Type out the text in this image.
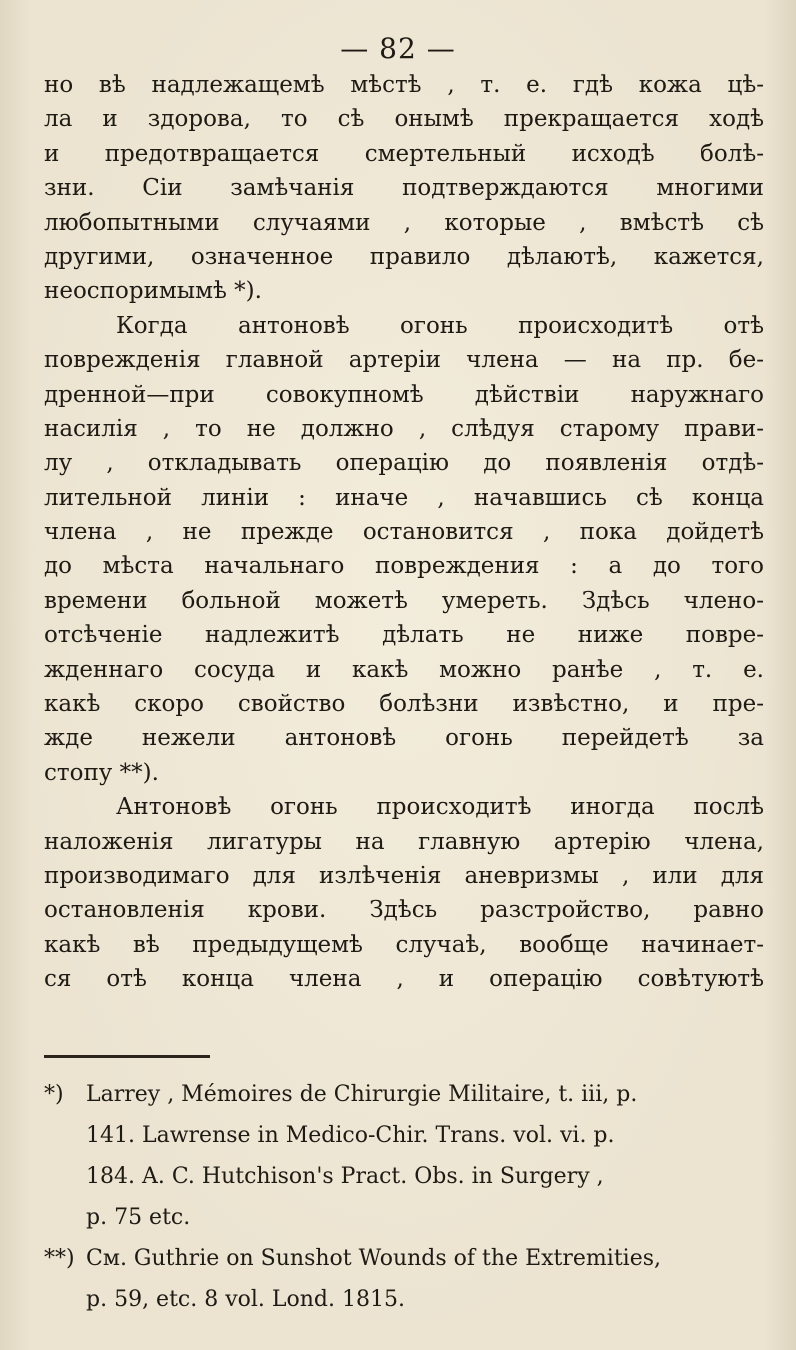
— 82 —
но вѣ надлежащемѣ мѣстѣ , т. е. гдѣ кожа цѣ-
ла и здорова, то сѣ онымѣ прекращается ходѣ
и предотвращается смертельный исходѣ болѣ-
зни. Сіи замѣчанія подтверждаются многими
любопытными случаями , которые , вмѣстѣ сѣ
другими, означенное правило дѣлаютѣ, кажется,
неоспоримымѣ *).
Когда антоновѣ огонь происходитѣ отѣ
поврежденія главной артеріи члена — на пр. бе-
дренной—при совокупномѣ дѣйствіи наружнаго
насилія , то не должно , слѣдуя старому прави-
лу , откладывать операцію до появленія отдѣ-
лительной линіи : иначе , начавшись сѣ конца
члена , не прежде остановится , пока дойдетѣ
до мѣста начальнаго повреждения : а до того
времени больной можетѣ умереть. Здѣсь члено-
отсѣченіе надлежитѣ дѣлать не ниже повре-
жденнаго сосуда и какѣ можно ранѣе , т. е.
какѣ скоро свойство болѣзни извѣстно, и пре-
жде нежели антоновѣ огонь перейдетѣ за
стопу **).
Антоновѣ огонь происходитѣ иногда послѣ
наложенія лигатуры на главную артерію члена,
производимаго для излѣченія аневризмы , или для
остановленія крови. Здѣсь разстройство, равно
какѣ вѣ предыдущемѣ случаѣ, вообще начинает-
ся отѣ конца члена , и операцію совѣтуютѣ
*) Larrey , Mémoires de Chirurgie Militaire, t. iii, p.
141. Lawrense in Medico-Chir. Trans. vol. vi. p.
184. A. C. Hutchison's Pract. Obs. in Surgery ,
p. 75 etc.
**) См. Guthrie on Sunshot Wounds of the Extremities,
p. 59, etc. 8 vol. Lond. 1815.
